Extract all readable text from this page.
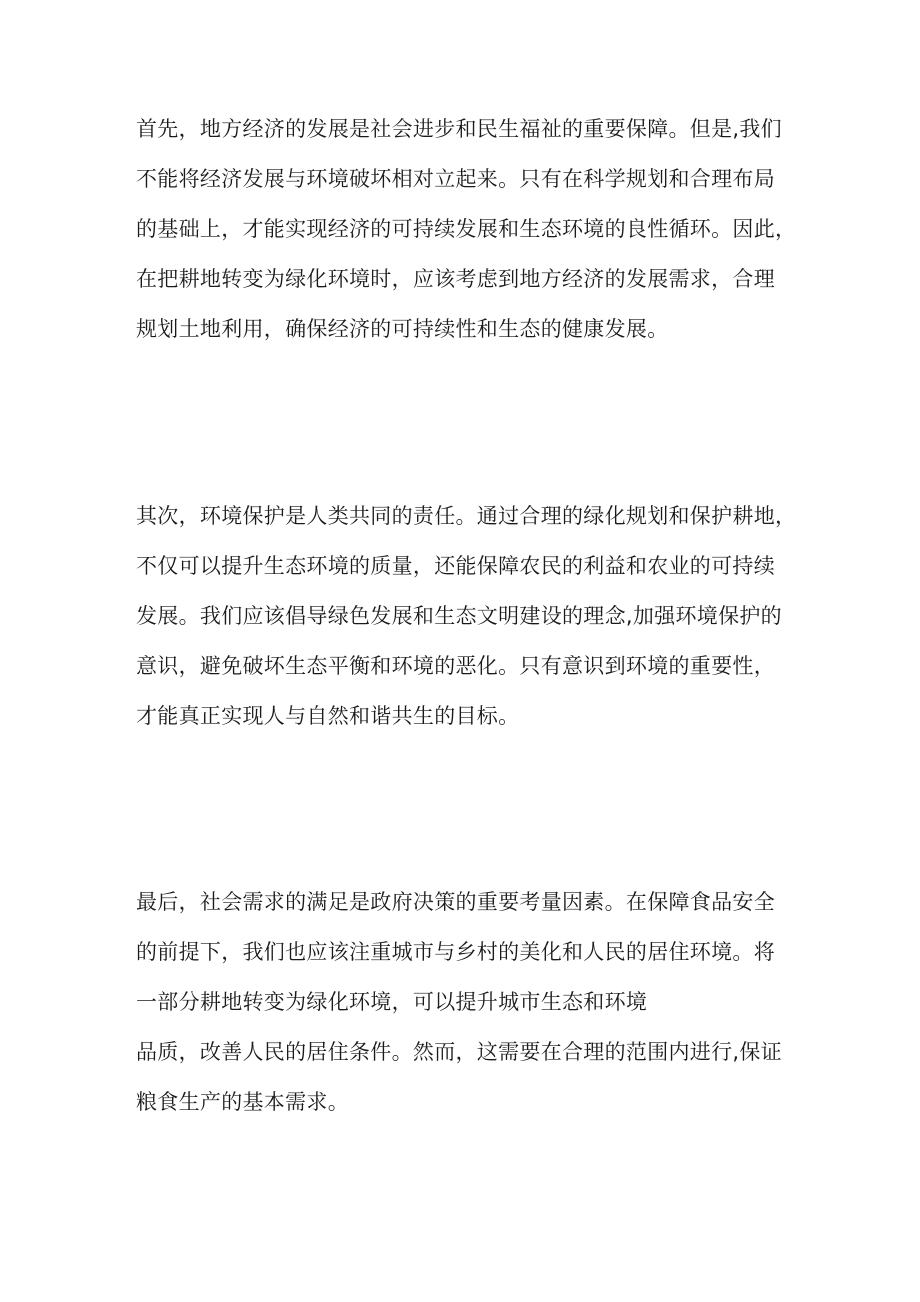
首先，地方经济的发展是社会进步和民生福祉的重要保障。但是,我们
不能将经济发展与环境破坏相对立起来。只有在科学规划和合理布局
的基础上，才能实现经济的可持续发展和生态环境的良性循环。因此，
在把耕地转变为绿化环境时，应该考虑到地方经济的发展需求，合理
规划土地利用，确保经济的可持续性和生态的健康发展。
其次，环境保护是人类共同的责任。通过合理的绿化规划和保护耕地，
不仅可以提升生态环境的质量，还能保障农民的利益和农业的可持续
发展。我们应该倡导绿色发展和生态文明建设的理念,加强环境保护的
意识，避免破坏生态平衡和环境的恶化。只有意识到环境的重要性，
才能真正实现人与自然和谐共生的目标。
最后，社会需求的满足是政府决策的重要考量因素。在保障食品安全
的前提下，我们也应该注重城市与乡村的美化和人民的居住环境。将
一部分耕地转变为绿化环境，可以提升城市生态和环境
品质，改善人民的居住条件。然而，这需要在合理的范围内进行,保证
粮食生产的基本需求。
